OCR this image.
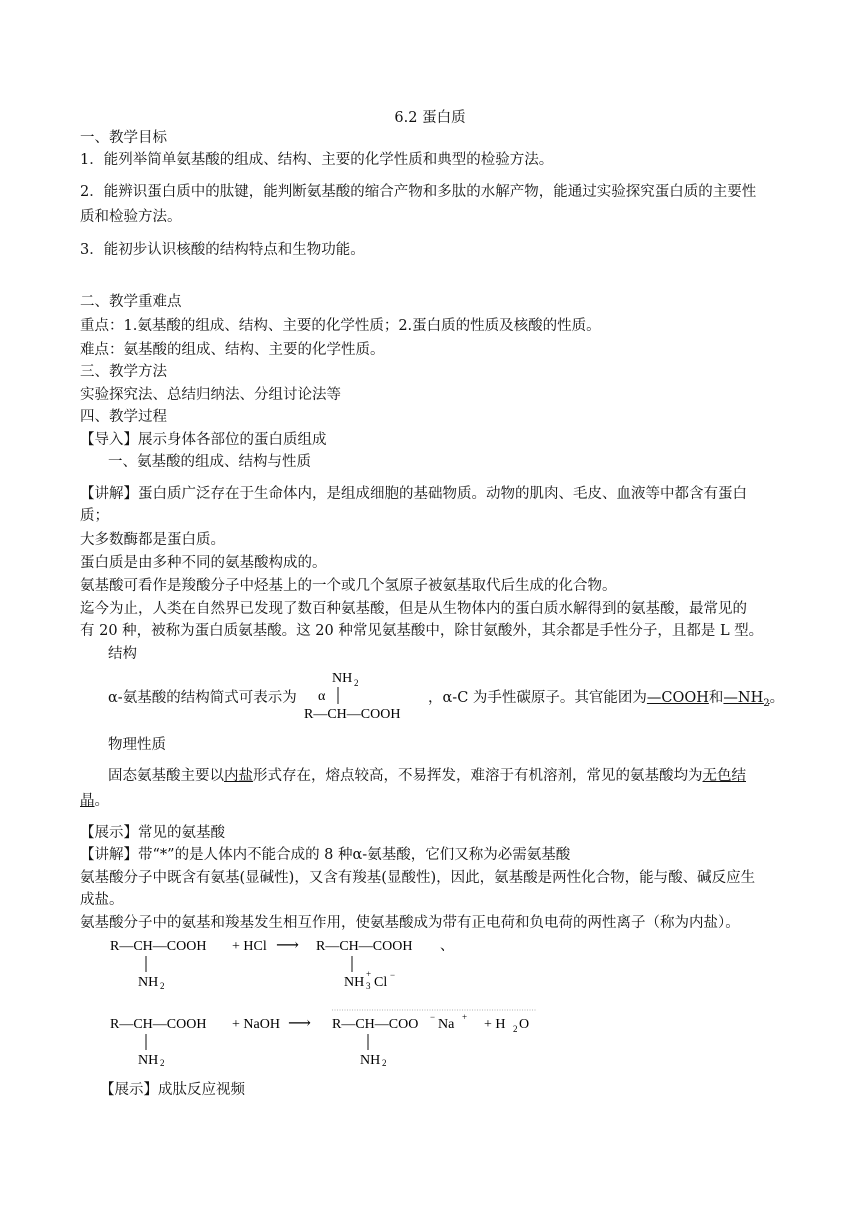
6.2 蛋白质
一、教学目标
1．能列举简单氨基酸的组成、结构、主要的化学性质和典型的检验方法。
2．能辨识蛋白质中的肽键，能判断氨基酸的缩合产物和多肽的水解产物，能通过实验探究蛋白质的主要性
质和检验方法。
3．能初步认识核酸的结构特点和生物功能。
二、教学重难点
重点：1.氨基酸的组成、结构、主要的化学性质；2.蛋白质的性质及核酸的性质。
难点：氨基酸的组成、结构、主要的化学性质。
三、教学方法
实验探究法、总结归纳法、分组讨论法等
四、教学过程
【导入】展示身体各部位的蛋白质组成
一、氨基酸的组成、结构与性质
【讲解】蛋白质广泛存在于生命体内，是组成细胞的基础物质。动物的肌肉、毛皮、血液等中都含有蛋白
质；
大多数酶都是蛋白质。
蛋白质是由多种不同的氨基酸构成的。
氨基酸可看作是羧酸分子中烃基上的一个或几个氢原子被氨基取代后生成的化合物。
迄今为止，人类在自然界已发现了数百种氨基酸，但是从生物体内的蛋白质水解得到的氨基酸，最常见的
有 20 种，被称为蛋白质氨基酸。这 20 种常见氨基酸中，除甘氨酸外，其余都是手性分子，且都是 L 型。
结构
α-氨基酸的结构简式可表示为
NH 2
α
R—CH—COOH
，α-C 为手性碳原子。其官能团为—COOH和$—NH_2$。
物理性质
固态氨基酸主要以内盐形式存在，熔点较高，不易挥发，难溶于有机溶剂，常见的氨基酸均为无色结
晶。
【展示】常见的氨基酸
【讲解】带“*”的是人体内不能合成的 8 种α-氨基酸，它们又称为必需氨基酸
氨基酸分子中既含有氨基(显碱性)，又含有羧基(显酸性)，因此，氨基酸是两性化合物，能与酸、碱反应生
成盐。
氨基酸分子中的氨基和羧基发生相互作用，使氨基酸成为带有正电荷和负电荷的两性离子（称为内盐）。
R—CH—COOH + HCl ⟶ R—CH—COOH 、
NH 2	NH 3
+
Cl −
R—CH—COOH + NaOH ⟶ R—CH—COO − Na + + H 2 O
NH 2	NH 2
【展示】成肽反应视频
